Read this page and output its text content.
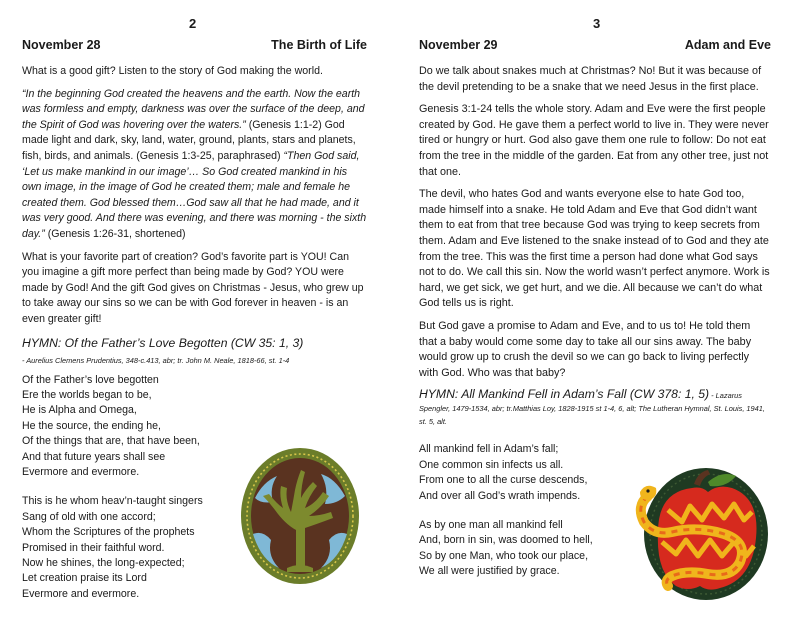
2
November 28	The Birth of Life

What is a good gift? Listen to the story of God making the world.

“In the beginning God created the heavens and the earth. Now the earth was formless and empty, darkness was over the surface of the deep, and the Spirit of God was hovering over the waters.” (Genesis 1:1-2) God made light and dark, sky, land, water, ground, plants, stars and planets, fish, birds, and animals. (Genesis 1:3-25, paraphrased) “Then God said, ‘Let us make mankind in our image’… So God created mankind in his own image, in the image of God he created them; male and female he created them. God blessed them…God saw all that he had made, and it was very good. And there was evening, and there was morning - the sixth day.” (Genesis 1:26-31, shortened)

What is your favorite part of creation? God’s favorite part is YOU! Can you imagine a gift more perfect than being made by God? YOU were made by God! And the gift God gives on Christmas - Jesus, who grew up to take away our sins so we can be with God forever in heaven - is an even greater gift!

HYMN: Of the Father’s Love Begotten (CW 35: 1, 3)
- Aurelius Clemens Prudentius, 348-c.413, abr; tr. John M. Neale, 1818-66, st. 1-4
Of the Father’s love begotten
Ere the worlds began to be,
He is Alpha and Omega,
He the source, the ending he,
Of the things that are, that have been,
And that future years shall see
Evermore and evermore.
This is he whom heav’n-taught singers
Sang of old with one accord;
Whom the Scriptures of the prophets
Promised in their faithful word.
Now he shines, the long-expected;
Let creation praise its Lord
Evermore and evermore.
3
November 29	Adam and Eve

Do we talk about snakes much at Christmas? No! But it was because of the devil pretending to be a snake that we need Jesus in the first place.

Genesis 3:1-24 tells the whole story. Adam and Eve were the first people created by God. He gave them a perfect world to live in. They were never tired or hungry or hurt. God also gave them one rule to follow: Do not eat from the tree in the middle of the garden. Eat from any other tree, just not that one.

The devil, who hates God and wants everyone else to hate God too, made himself into a snake. He told Adam and Eve that God didn’t want them to eat from that tree because God was trying to keep secrets from them. Adam and Eve listened to the snake instead of to God and they ate from the tree. This was the first time a person had done what God says not to do. We call this sin. Now the world wasn’t perfect anymore. Work is hard, we get sick, we get hurt, and we die. All because we can’t do what God tells us is right.

But God gave a promise to Adam and Eve, and to us to! He told them that a baby would come some day to take all our sins away. The baby would grow up to crush the devil so we can go back to living perfectly with God. Who was that baby?

HYMN: All Mankind Fell in Adam’s Fall (CW 378: 1, 5) - Lazarus Spengler, 1479-1534, abr; tr.Matthias Loy, 1828-1915 st 1-4, 6, alt; The Lutheran Hymnal, St. Louis, 1941, st. 5, alt.
All mankind fell in Adam’s fall;
One common sin infects us all.
From one to all the curse descends,
And over all God’s wrath impends.
As by one man all mankind fell
And, born in sin, was doomed to hell,
So by one Man, who took our place,
We all were justified by grace.
